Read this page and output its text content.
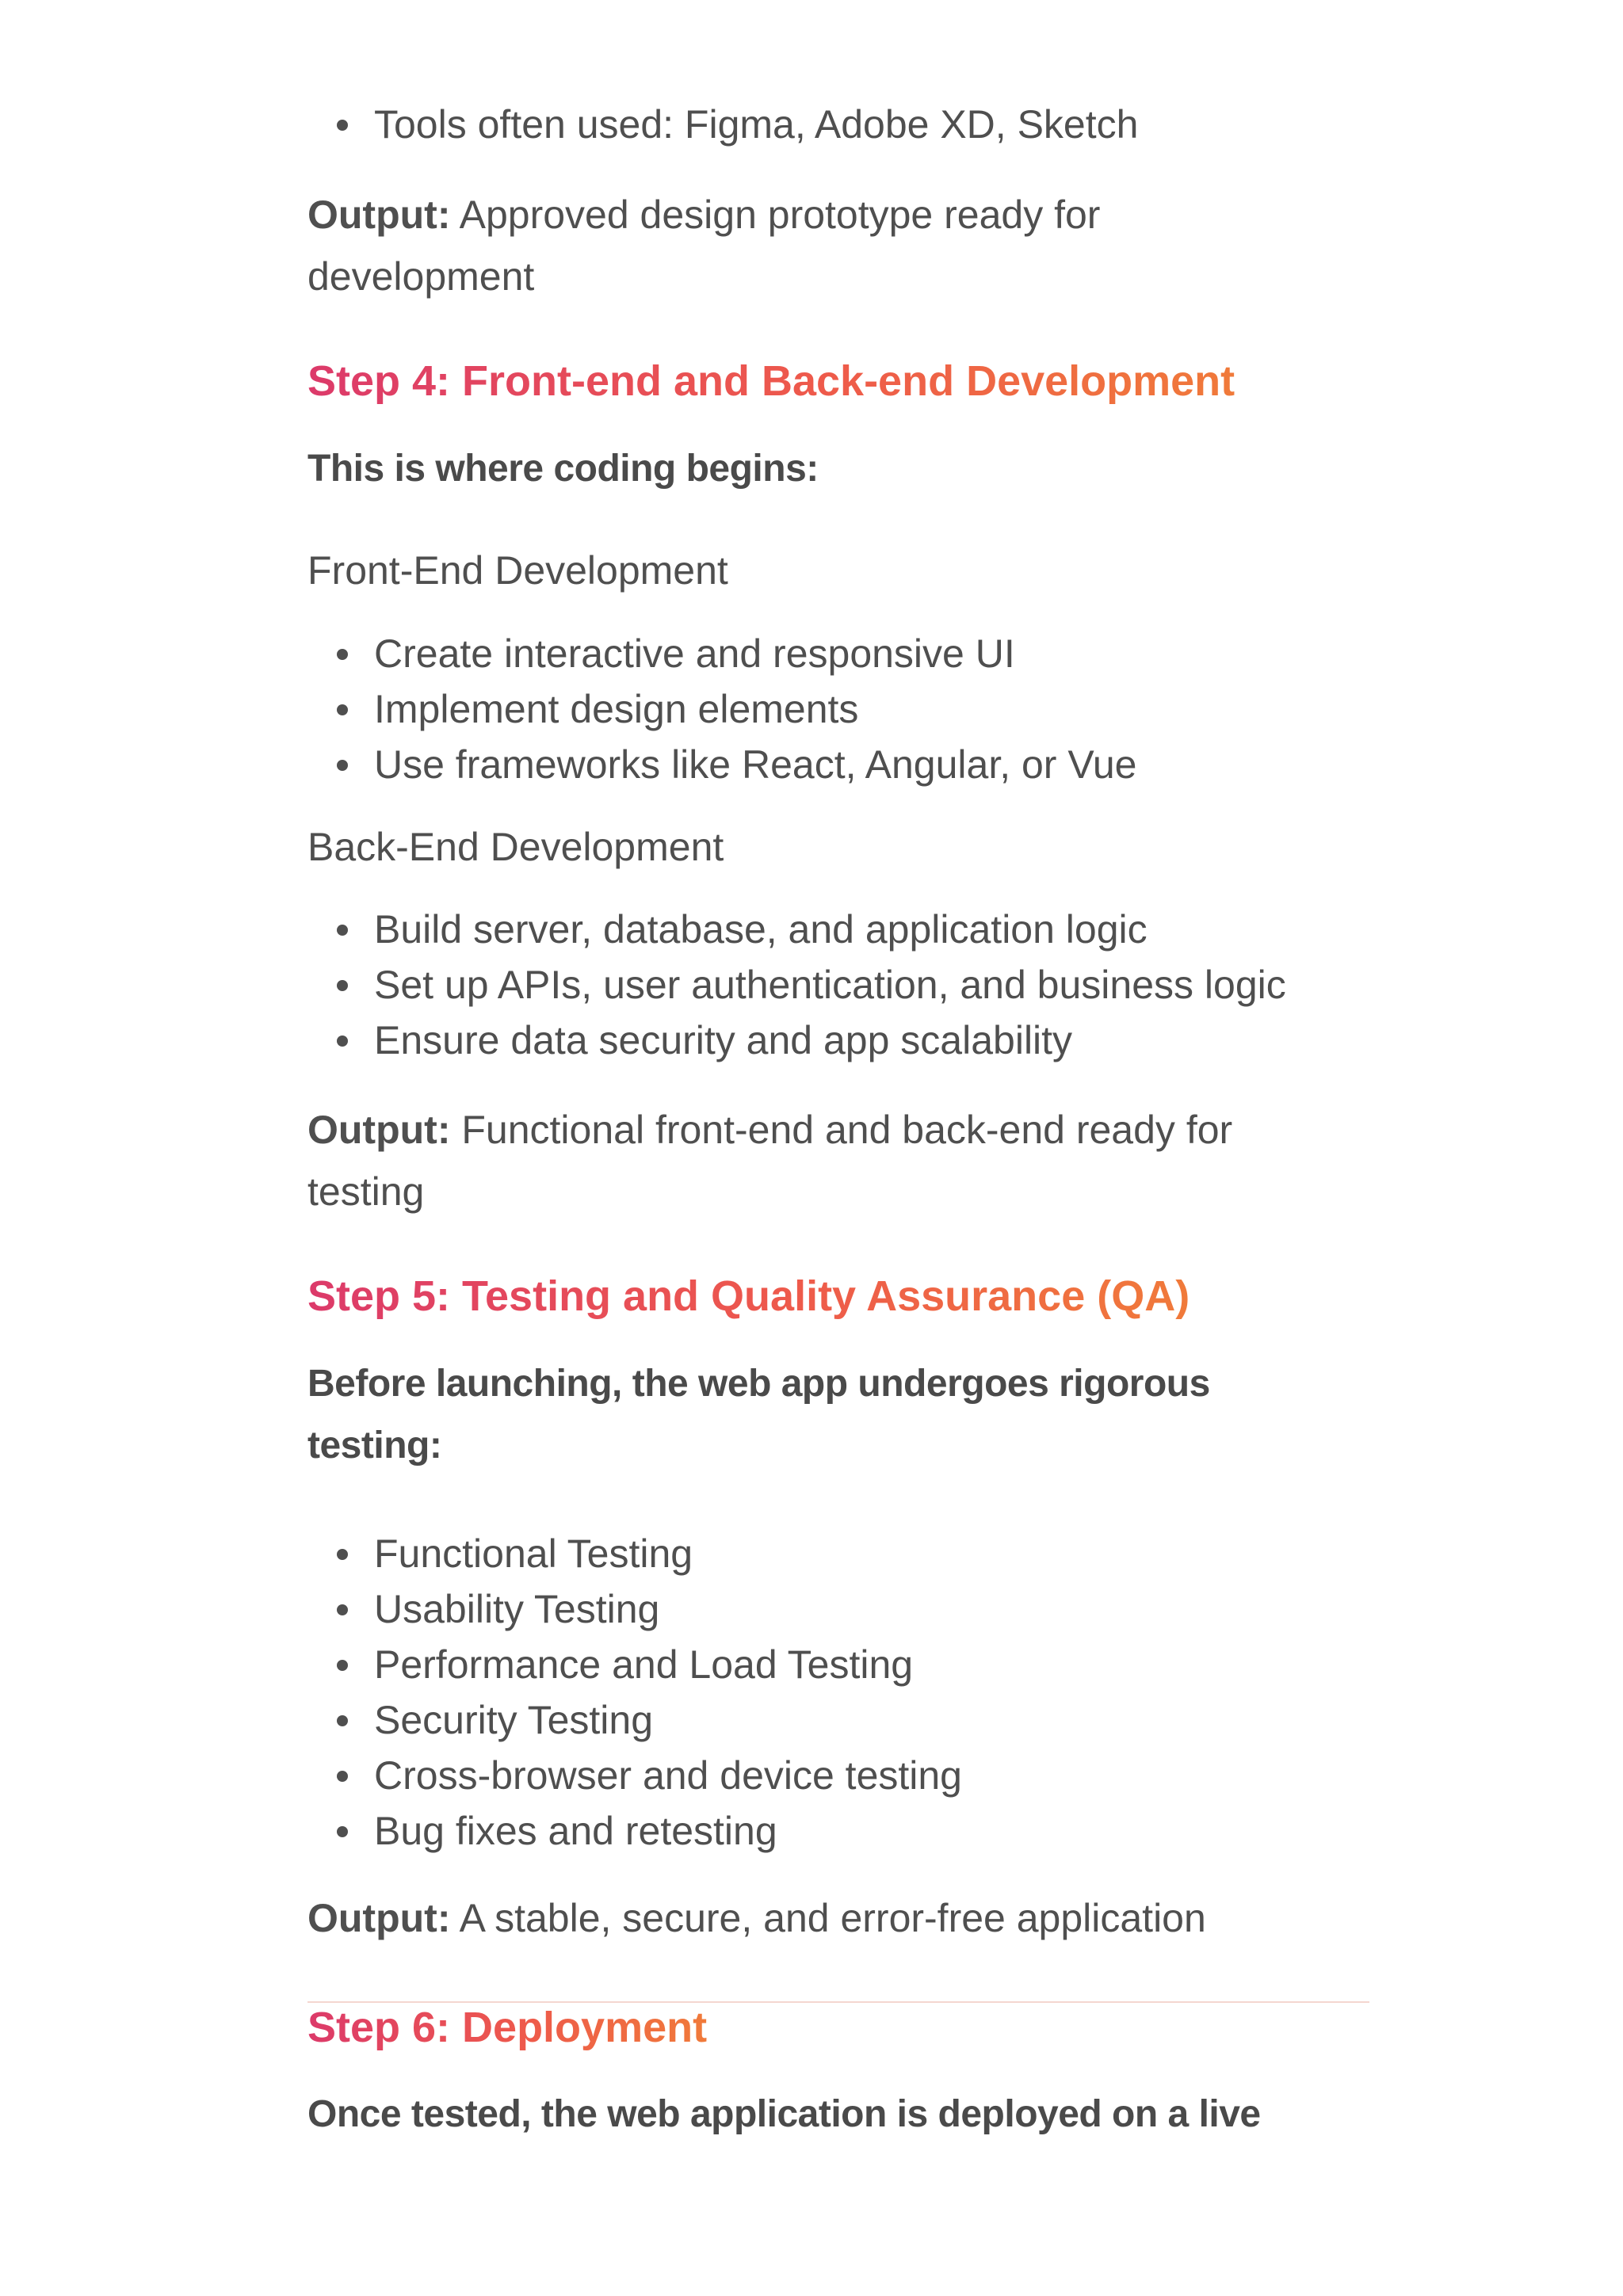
Tools often used: Figma, Adobe XD, Sketch
Output: Approved design prototype ready for
development
Step 4: Front-end and Back-end Development
This is where coding begins:
Front-End Development
Create interactive and responsive UI
Implement design elements
Use frameworks like React, Angular, or Vue
Back-End Development
Build server, database, and application logic
Set up APIs, user authentication, and business logic
Ensure data security and app scalability
Output: Functional front-end and back-end ready for
testing
Step 5: Testing and Quality Assurance (QA)
Before launching, the web app undergoes rigorous
testing:
Functional Testing
Usability Testing
Performance and Load Testing
Security Testing
Cross-browser and device testing
Bug fixes and retesting
Output: A stable, secure, and error-free application
Step 6: Deployment
Once tested, the web application is deployed on a live
